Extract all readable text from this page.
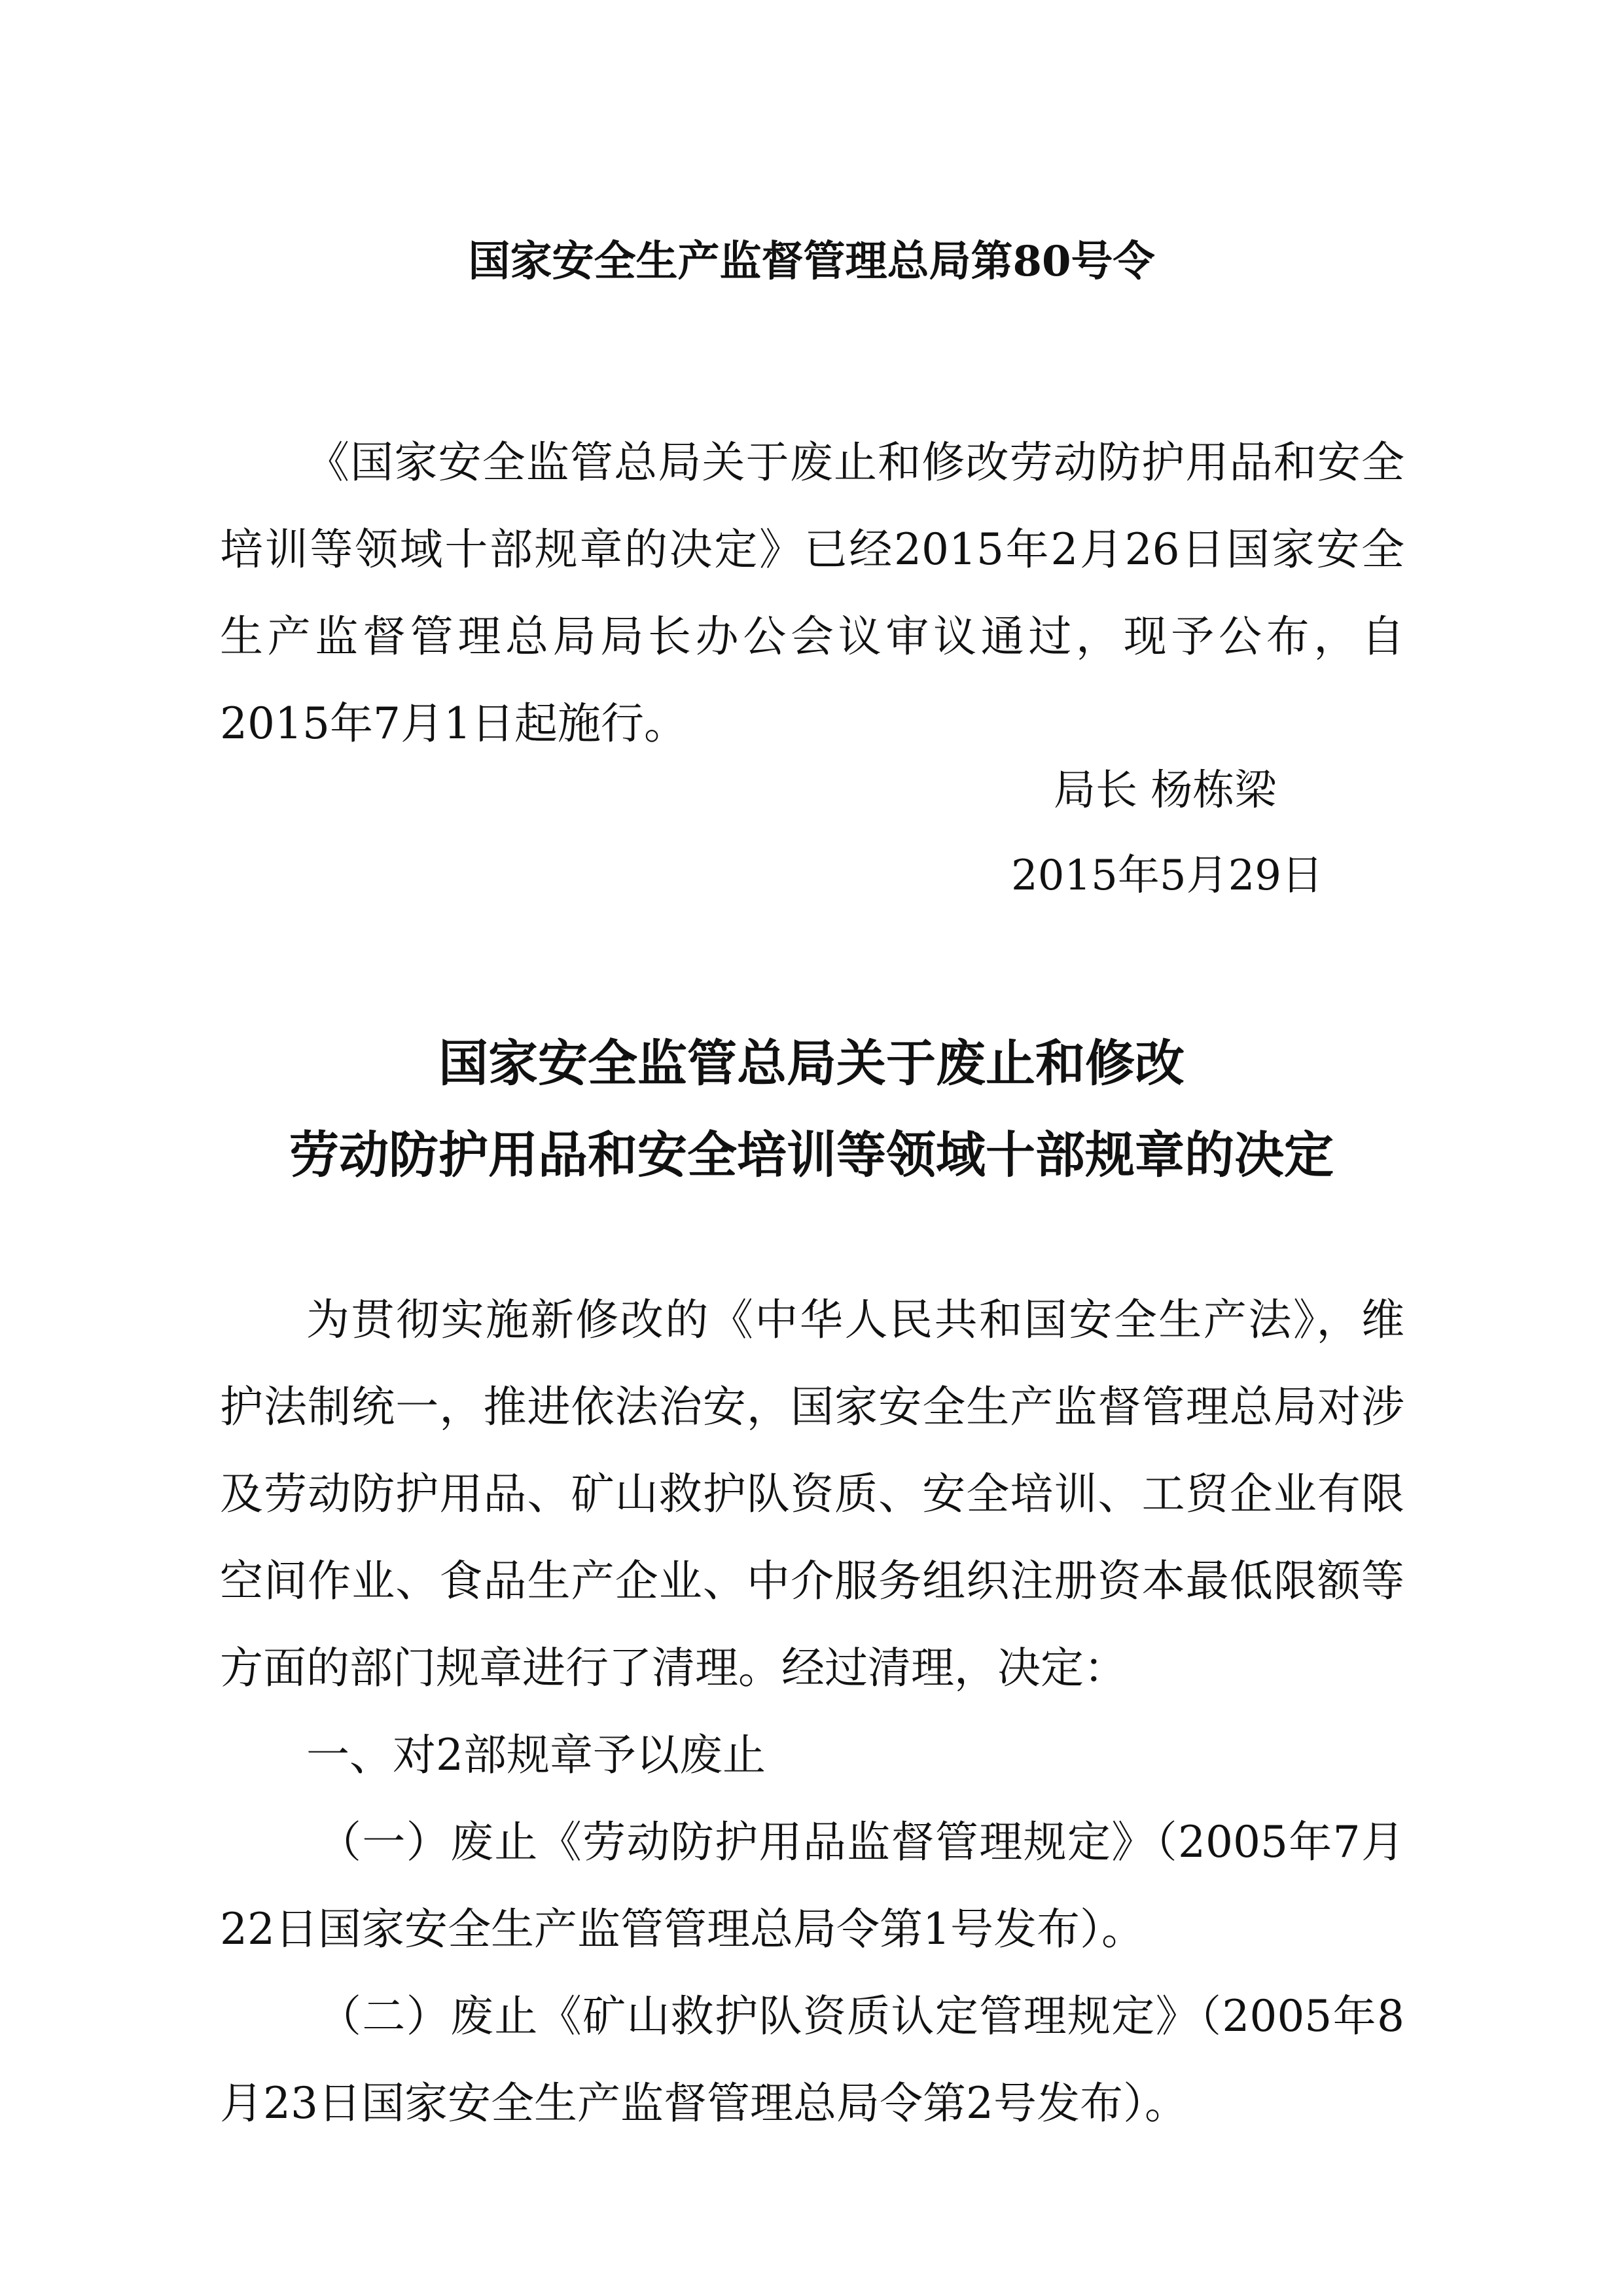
国家安全生产监督管理总局第80号令

《国家安全监管总局关于废止和修改劳动防护用品和安全培训等领域十部规章的决定》已经2015年2月26日国家安全生产监督管理总局局长办公会议审议通过，现予公布，自2015年7月1日起施行。

局长 杨栋梁

2015年5月29日

国家安全监管总局关于废止和修改
劳动防护用品和安全培训等领域十部规章的决定

为贯彻实施新修改的《中华人民共和国安全生产法》，维护法制统一，推进依法治安，国家安全生产监督管理总局对涉及劳动防护用品、矿山救护队资质、安全培训、工贸企业有限空间作业、食品生产企业、中介服务组织注册资本最低限额等方面的部门规章进行了清理。经过清理，决定：

一、对2部规章予以废止

（一）废止《劳动防护用品监督管理规定》（2005年7月22日国家安全生产监管管理总局令第1号发布）。

（二）废止《矿山救护队资质认定管理规定》（2005年8月23日国家安全生产监督管理总局令第2号发布）。
